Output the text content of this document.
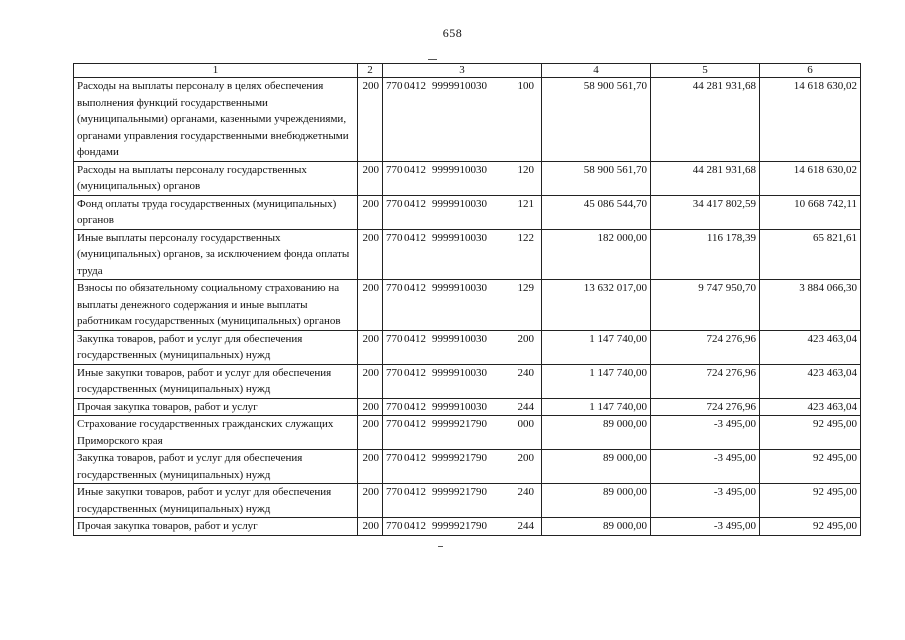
658
1	2	3	4	5	6
Расходы на выплаты персоналу в целях обеспечения выполнения функций государственными (муниципальными) органами, казенными учреждениями, органами управления государственными внебюджетными фондами	200	770 0412 9999910030 100	58 900 561,70	44 281 931,68	14 618 630,02
Расходы на выплаты персоналу государственных (муниципальных) органов	200	770 0412 9999910030 120	58 900 561,70	44 281 931,68	14 618 630,02
Фонд оплаты труда государственных (муниципальных) органов	200	770 0412 9999910030 121	45 086 544,70	34 417 802,59	10 668 742,11
Иные выплаты персоналу государственных (муниципальных) органов, за исключением фонда оплаты труда	200	770 0412 9999910030 122	182 000,00	116 178,39	65 821,61
Взносы по обязательному социальному страхованию на выплаты денежного содержания и иные выплаты работникам государственных (муниципальных) органов	200	770 0412 9999910030 129	13 632 017,00	9 747 950,70	3 884 066,30
Закупка товаров, работ и услуг для обеспечения государственных (муниципальных) нужд	200	770 0412 9999910030 200	1 147 740,00	724 276,96	423 463,04
Иные закупки товаров, работ и услуг для обеспечения государственных (муниципальных) нужд	200	770 0412 9999910030 240	1 147 740,00	724 276,96	423 463,04
Прочая закупка товаров, работ и услуг	200	770 0412 9999910030 244	1 147 740,00	724 276,96	423 463,04
Страхование государственных гражданских служащих Приморского края	200	770 0412 9999921790 000	89 000,00	-3 495,00	92 495,00
Закупка товаров, работ и услуг для обеспечения государственных (муниципальных) нужд	200	770 0412 9999921790 200	89 000,00	-3 495,00	92 495,00
Иные закупки товаров, работ и услуг для обеспечения государственных (муниципальных) нужд	200	770 0412 9999921790 240	89 000,00	-3 495,00	92 495,00
Прочая закупка товаров, работ и услуг	200	770 0412 9999921790 244	89 000,00	-3 495,00	92 495,00
